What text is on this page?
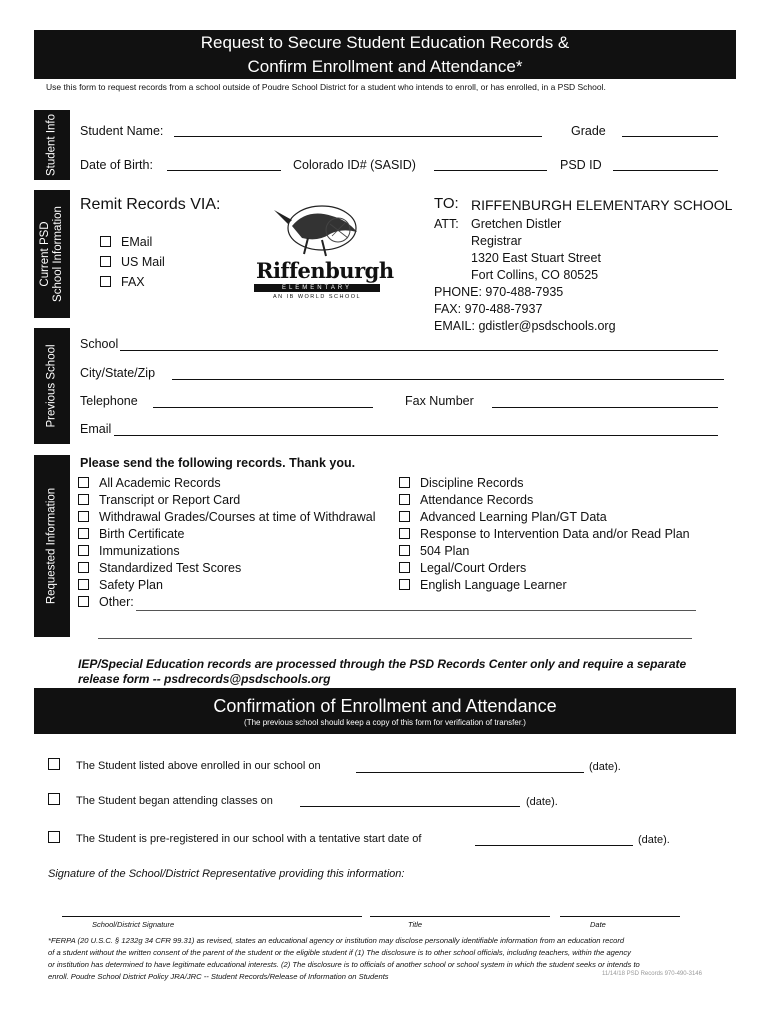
Request to Secure Student Education Records &
Confirm Enrollment and Attendance*
Use this form to request records from a school outside of Poudre School District for a student who intends to enroll, or has enrolled, in a PSD School.
Student Info Student Name:	Grade
Date of Birth:	Colorado ID# (SASID)	PSD ID
Current PSD School Information
Remit Records VIA:
EMail
US Mail
FAX	Riffenburgh
ELEMENTARY
AN IB WORLD SCHOOL
TO: RIFFENBURGH ELEMENTARY SCHOOL
ATT: Gretchen Distler
Registrar
1320 East Stuart Street
Fort Collins, CO 80525
PHONE: 970-488-7935
FAX: 970-488-7937
EMAIL: gdistler@psdschools.org
Previous School
School
City/State/Zip
Telephone	Fax Number
Email
Requested Information
Please send the following records. Thank you.
All Academic Records
Transcript or Report Card
Withdrawal Grades/Courses at time of Withdrawal
Birth Certificate
Immunizations
Standardized Test Scores
Safety Plan
Other:
Discipline Records
Attendance Records
Advanced Learning Plan/GT Data
Response to Intervention Data and/or Read Plan
504 Plan
Legal/Court Orders
English Language Learner
IEP/Special Education records are processed through the PSD Records Center only and require a separate release form -- psdrecords@psdschools.org
Confirmation of Enrollment and Attendance
(The previous school should keep a copy of this form for verification of transfer.)
The Student listed above enrolled in our school on	(date).
The Student began attending classes on	(date).
The Student is pre-registered in our school with a tentative start date of	(date).
Signature of the School/District Representative providing this information:
School/District Signature	Title	Date
*FERPA (20 U.S.C. § 1232g 34 CFR 99.31) as revised, states an educational agency or institution may disclose personally identifiable information from an education record
of a student without the written consent of the parent of the student or the eligible student if (1) The disclosure is to other school officials, including teachers, within the agency
or institution has determined to have legitimate educational interests. (2) The disclosure is to officials of another school or school system in which the student seeks or intends to
enroll. Poudre School District Policy JRA/JRC -- Student Records/Release of Information on Students	11/14/18 PSD Records 970-490-3146
